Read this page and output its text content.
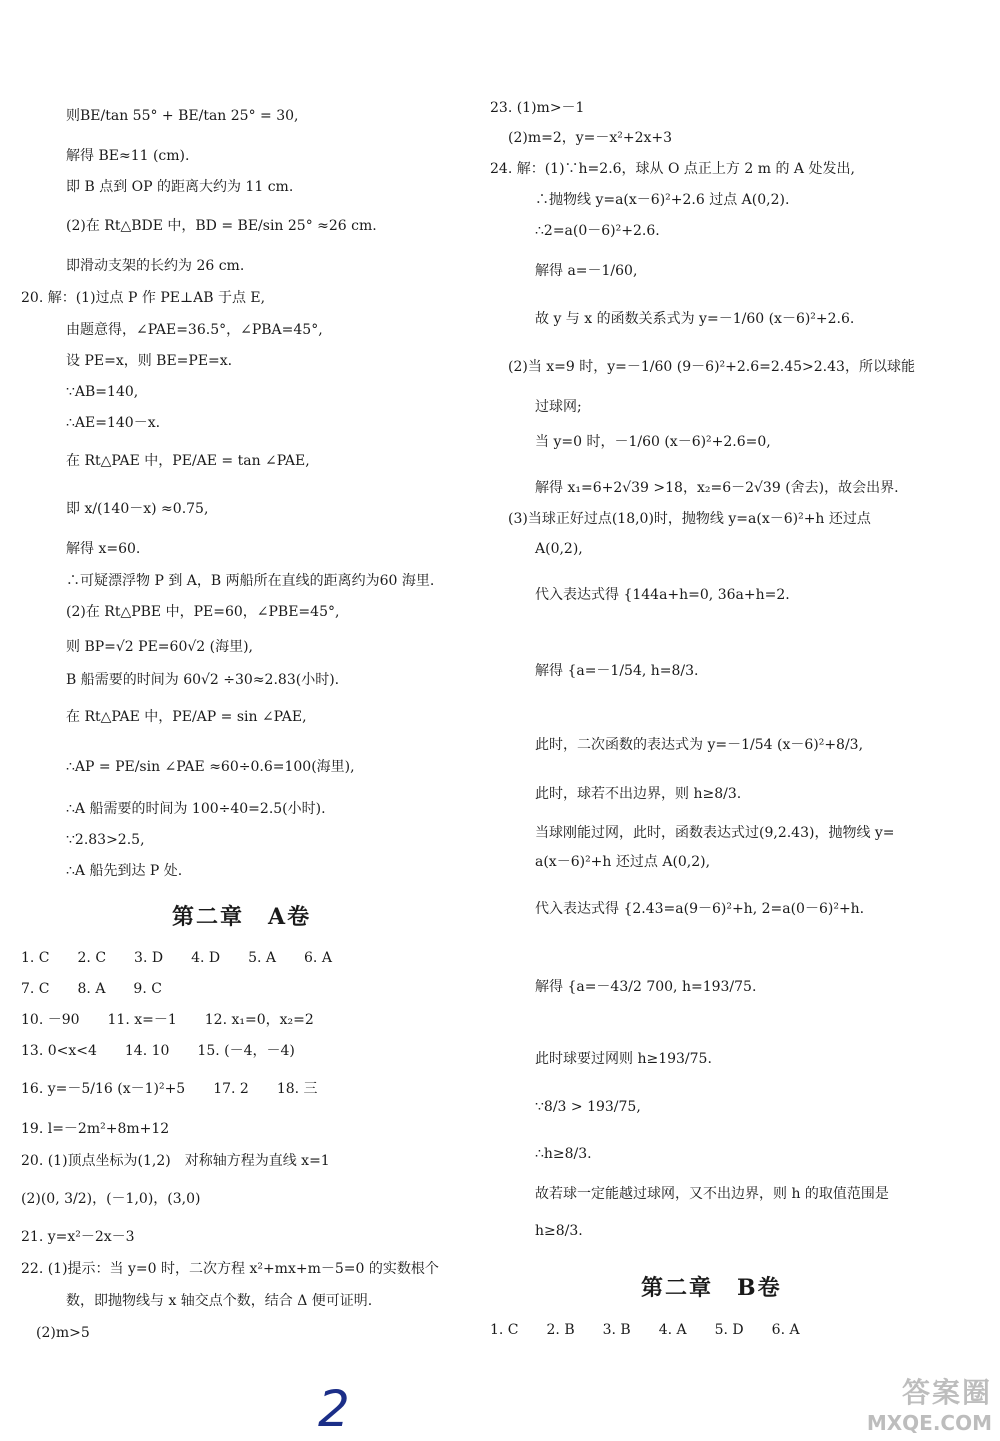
则BE/tan 55° + BE/tan 25° = 30,
解得 BE≈11 (cm).
即 B 点到 OP 的距离大约为 11 cm.
(2)在 Rt△BDE 中，BD = BE/sin 25° ≈26 cm.
即滑动支架的长约为 26 cm.
20. 解：(1)过点 P 作 PE⊥AB 于点 E,
由题意得，∠PAE=36.5°，∠PBA=45°,
设 PE=x，则 BE=PE=x.
∵AB=140,
∴AE=140－x.
在 Rt△PAE 中，PE/AE = tan ∠PAE,
即 x/(140－x) ≈0.75,
解得 x=60.
∴可疑漂浮物 P 到 A，B 两船所在直线的距离约为60 海里.
(2)在 Rt△PBE 中，PE=60，∠PBE=45°,
则 BP=√2 PE=60√2 (海里),
B 船需要的时间为 60√2 ÷30≈2.83(小时).
在 Rt△PAE 中，PE/AP = sin ∠PAE,
∴AP = PE/sin ∠PAE ≈60÷0.6=100(海里),
∴A 船需要的时间为 100÷40=2.5(小时).
∵2.83>2.5,
∴A 船先到达 P 处.
第二章　A卷
1. C　　2. C　　3. D　　4. D　　5. A　　6. A
7. C　　8. A　　9. C
10. －90　　11. x=－1　　12. x₁=0，x₂=2
13. 0<x<4　　14. 10　　15. (－4，－4)
16. y=－5/16 (x－1)²+5　　17. 2　　18. 三
19. l=－2m²+8m+12
20. (1)顶点坐标为(1,2)　对称轴方程为直线 x=1
(2)(0, 3/2)，(－1,0)，(3,0)
21. y=x²－2x－3
22. (1)提示：当 y=0 时，二次方程 x²+mx+m－5=0 的实数根个
数，即抛物线与 x 轴交点个数，结合 Δ 便可证明.
(2)m>5
23. (1)m>－1
(2)m=2，y=－x²+2x+3
24. 解：(1)∵h=2.6，球从 O 点正上方 2 m 的 A 处发出,
∴抛物线 y=a(x－6)²+2.6 过点 A(0,2).
∴2=a(0－6)²+2.6.
解得 a=－1/60,
故 y 与 x 的函数关系式为 y=－1/60 (x－6)²+2.6.
(2)当 x=9 时，y=－1/60 (9－6)²+2.6=2.45>2.43，所以球能
过球网;
当 y=0 时，－1/60 (x－6)²+2.6=0,
解得 x₁=6+2√39 >18，x₂=6－2√39 (舍去)，故会出界.
(3)当球正好过点(18,0)时，抛物线 y=a(x－6)²+h 还过点
A(0,2),
代入表达式得 {144a+h=0, 36a+h=2.
解得 {a=－1/54, h=8/3.
此时，二次函数的表达式为 y=－1/54 (x－6)²+8/3,
此时，球若不出边界，则 h≥8/3.
当球刚能过网，此时，函数表达式过(9,2.43)，抛物线 y=
a(x－6)²+h 还过点 A(0,2),
代入表达式得 {2.43=a(9－6)²+h, 2=a(0－6)²+h.
解得 {a=－43/2 700, h=193/75.
此时球要过网则 h≥193/75.
∵8/3 > 193/75,
∴h≥8/3.
故若球一定能越过球网，又不出边界，则 h 的取值范围是
h≥8/3.
第二章　B卷
1. C　　2. B　　3. B　　4. A　　5. D　　6. A
2	答案圈
MXQE.COM
